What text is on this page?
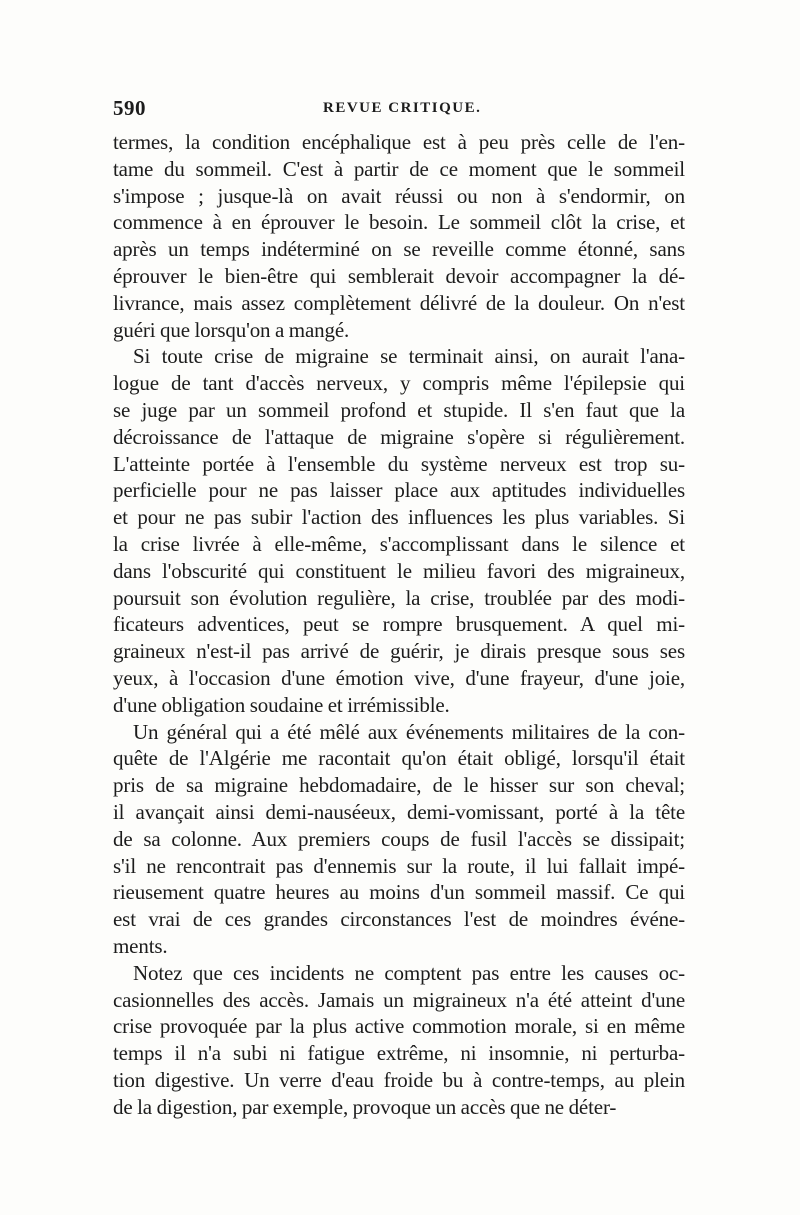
590	REVUE CRITIQUE.
termes, la condition encéphalique est à peu près celle de l'en-
tame du sommeil. C'est à partir de ce moment que le sommeil
s'impose ; jusque-là on avait réussi ou non à s'endormir, on
commence à en éprouver le besoin. Le sommeil clôt la crise, et
après un temps indéterminé on se reveille comme étonné, sans
éprouver le bien-être qui semblerait devoir accompagner la dé-
livrance, mais assez complètement délivré de la douleur. On n'est
guéri que lorsqu'on a mangé.
Si toute crise de migraine se terminait ainsi, on aurait l'ana-
logue de tant d'accès nerveux, y compris même l'épilepsie qui
se juge par un sommeil profond et stupide. Il s'en faut que la
décroissance de l'attaque de migraine s'opère si régulièrement.
L'atteinte portée à l'ensemble du système nerveux est trop su-
perficielle pour ne pas laisser place aux aptitudes individuelles
et pour ne pas subir l'action des influences les plus variables. Si
la crise livrée à elle-même, s'accomplissant dans le silence et
dans l'obscurité qui constituent le milieu favori des migraineux,
poursuit son évolution regulière, la crise, troublée par des modi-
ficateurs adventices, peut se rompre brusquement. A quel mi-
graineux n'est-il pas arrivé de guérir, je dirais presque sous ses
yeux, à l'occasion d'une émotion vive, d'une frayeur, d'une joie,
d'une obligation soudaine et irrémissible.
Un général qui a été mêlé aux événements militaires de la con-
quête de l'Algérie me racontait qu'on était obligé, lorsqu'il était
pris de sa migraine hebdomadaire, de le hisser sur son cheval;
il avançait ainsi demi-nauséeux, demi-vomissant, porté à la tête
de sa colonne. Aux premiers coups de fusil l'accès se dissipait;
s'il ne rencontrait pas d'ennemis sur la route, il lui fallait impé-
rieusement quatre heures au moins d'un sommeil massif. Ce qui
est vrai de ces grandes circonstances l'est de moindres événe-
ments.
Notez que ces incidents ne comptent pas entre les causes oc-
casionnelles des accès. Jamais un migraineux n'a été atteint d'une
crise provoquée par la plus active commotion morale, si en même
temps il n'a subi ni fatigue extrême, ni insomnie, ni perturba-
tion digestive. Un verre d'eau froide bu à contre-temps, au plein
de la digestion, par exemple, provoque un accès que ne déter-
